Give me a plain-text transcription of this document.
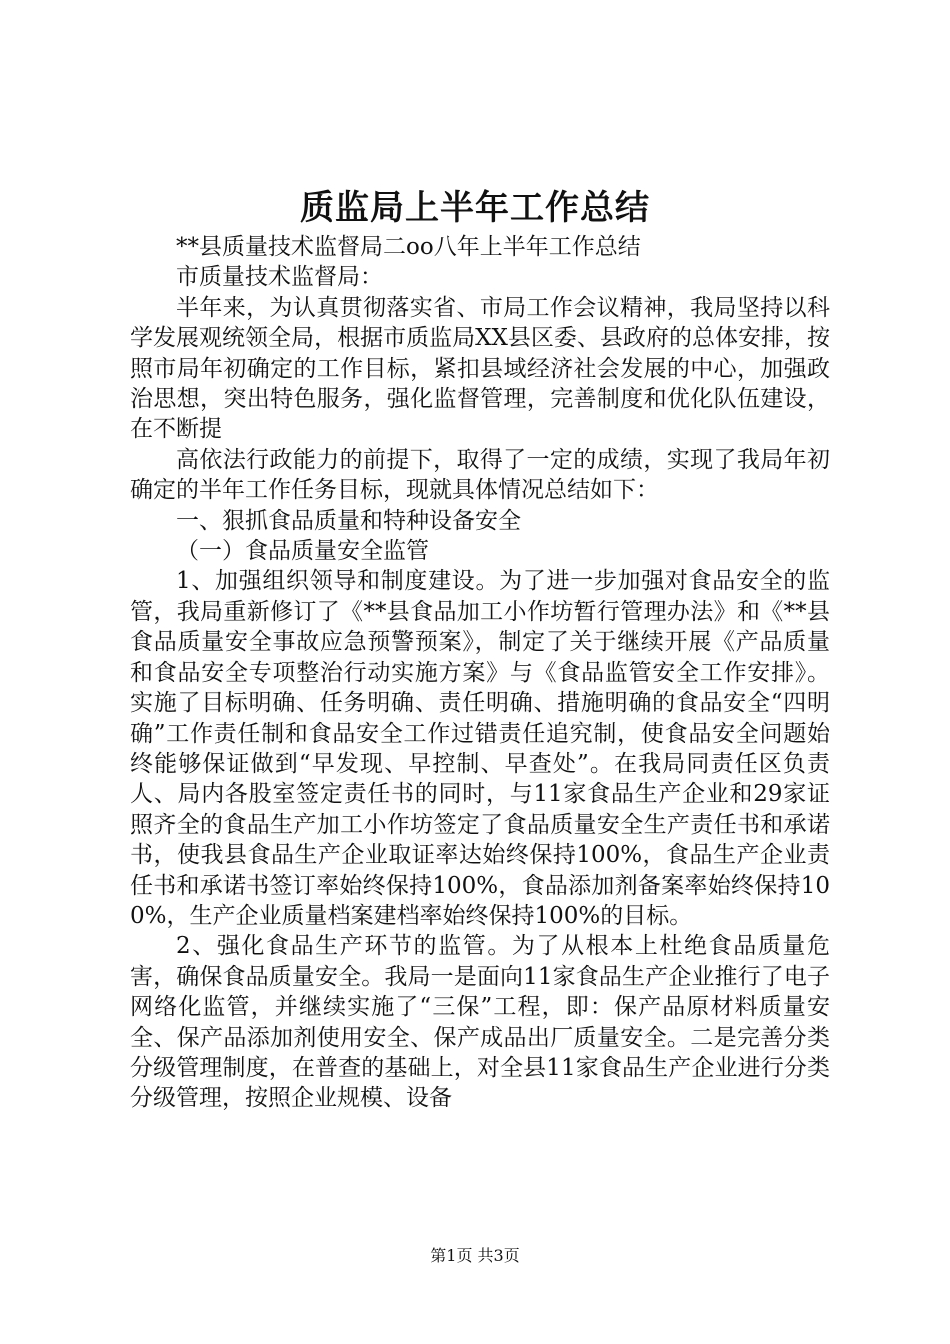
质监局上半年工作总结

**县质量技术监督局二oo八年上半年工作总结

市质量技术监督局：

半年来，为认真贯彻落实省、市局工作会议精神，我局坚持以科学发展观统领全局，根据市质监局XX县区委、县政府的总体安排，按照市局年初确定的工作目标，紧扣县域经济社会发展的中心，加强政治思想，突出特色服务，强化监督管理，完善制度和优化队伍建设，在不断提

高依法行政能力的前提下，取得了一定的成绩，实现了我局年初确定的半年工作任务目标，现就具体情况总结如下：

一、狠抓食品质量和特种设备安全

（一）食品质量安全监管

1、加强组织领导和制度建设。为了进一步加强对食品安全的监管，我局重新修订了《**县食品加工小作坊暂行管理办法》和《**县食品质量安全事故应急预警预案》，制定了关于继续开展《产品质量和食品安全专项整治行动实施方案》与《食品监管安全工作安排》。实施了目标明确、任务明确、责任明确、措施明确的食品安全“四明确”工作责任制和食品安全工作过错责任追究制，使食品安全问题始终能够保证做到“早发现、早控制、早查处”。在我局同责任区负责人、局内各股室签定责任书的同时，与11家食品生产企业和29家证照齐全的食品生产加工小作坊签定了食品质量安全生产责任书和承诺书，使我县食品生产企业取证率达始终保持100%，食品生产企业责任书和承诺书签订率始终保持100%，食品添加剂备案率始终保持100%，生产企业质量档案建档率始终保持100%的目标。

2、强化食品生产环节的监管。为了从根本上杜绝食品质量危害，确保食品质量安全。我局一是面向11家食品生产企业推行了电子网络化监管，并继续实施了“三保”工程，即：保产品原材料质量安全、保产品添加剂使用安全、保产成品出厂质量安全。二是完善分类分级管理制度，在普查的基础上，对全县11家食品生产企业进行分类分级管理，按照企业规模、设备

第1页 共3页
